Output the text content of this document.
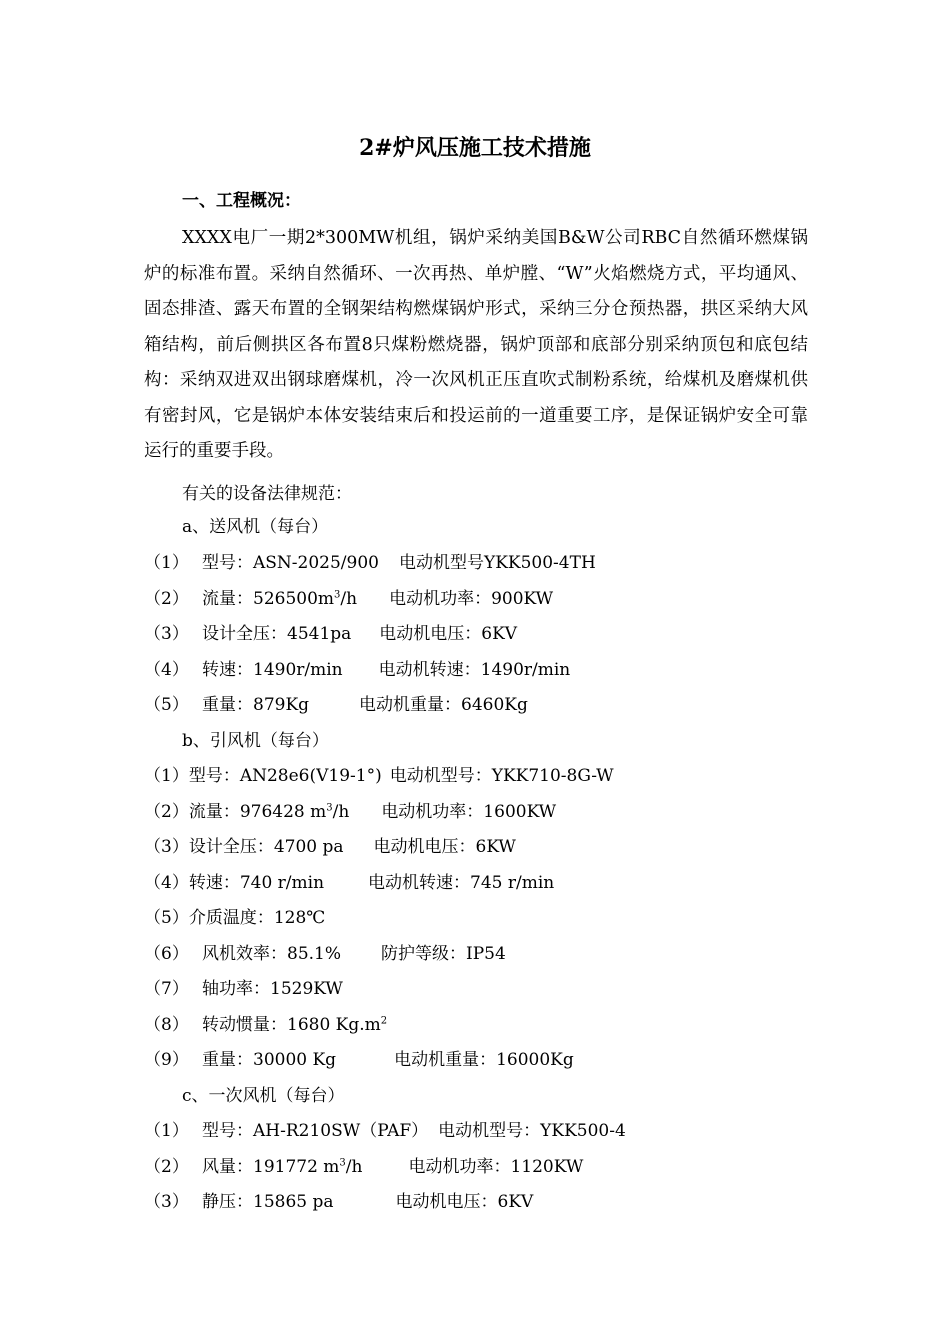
2#炉风压施工技术措施
一、工程概况：

XXXX电厂一期2*300MW机组，锅炉采纳美国B&W公司RBC自然循环燃煤锅炉的标准布置。采纳自然循环、一次再热、单炉膛、“W”火焰燃烧方式，平均通风、固态排渣、露天布置的全钢架结构燃煤锅炉形式，采纳三分仓预热器，拱区采纳大风箱结构，前后侧拱区各布置8只煤粉燃烧器，锅炉顶部和底部分别采纳顶包和底包结构：采纳双进双出钢球磨煤机，冷一次风机正压直吹式制粉系统，给煤机及磨煤机供有密封风，它是锅炉本体安装结束后和投运前的一道重要工序，是保证锅炉安全可靠运行的重要手段。

有关的设备法律规范：
a、送风机（每台）
（1） 型号：ASN-2025/900 电动机型号YKK500-4TH
（2） 流量：$526500m^3/h$ 电动机功率：900KW
（3） 设计全压：4541pa 电动机电压：6KV
（4） 转速：1490r/min 电动机转速：1490r/min
（5） 重量：879Kg	电动机重量：6460Kg
b、引风机（每台）
（1）型号：AN28e6(V19-1°) 电动机型号：YKK710-8G-W
（2）流量：976428 $m^3/h$ 电动机功率：1600KW
（3）设计全压：4700 pa 电动机电压：6KW
（4）转速：740 r/min	电动机转速：745 r/min
（5）介质温度：128℃
（6） 风机效率：85.1% 防护等级：IP54
（7） 轴功率：1529KW
（8） 转动惯量：1680 $Kg.m^2$
（9） 重量：30000 Kg	电动机重量：16000Kg
c、一次风机（每台）
（1） 型号：AH-R210SW（PAF） 电动机型号：YKK500-4
（2） 风量：191772 $m^3/h$	电动机功率：1120KW
（3） 静压：15865 pa	电动机电压：6KV
